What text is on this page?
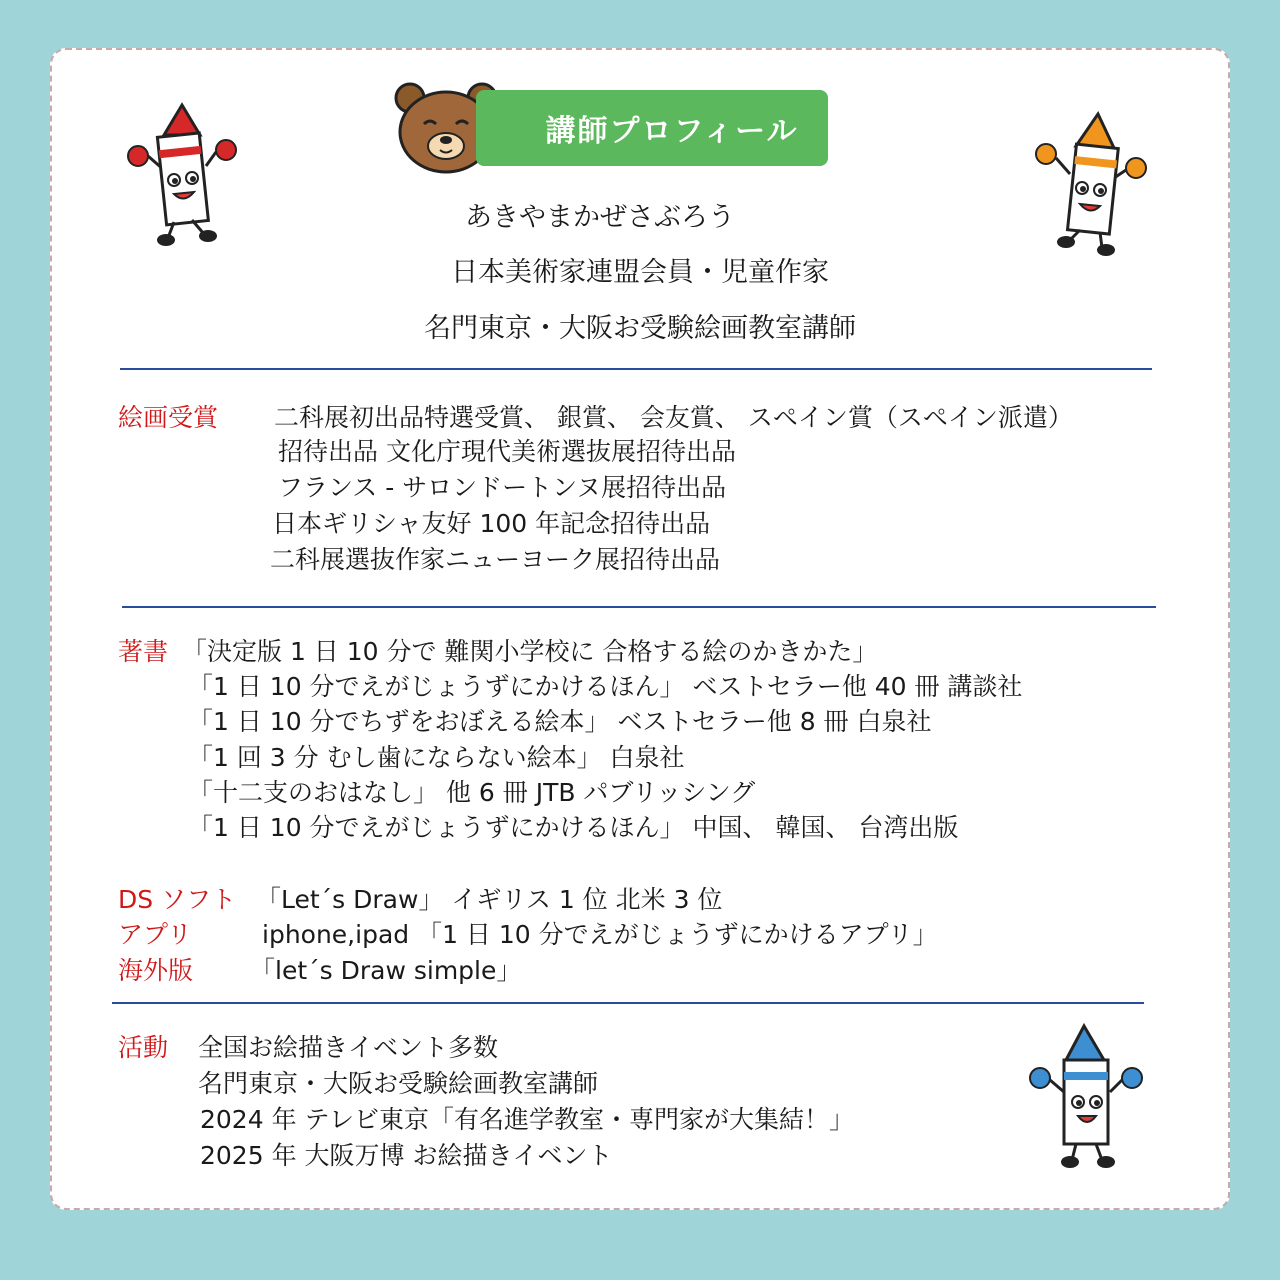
講師プロフィール
あきやまかぜさぶろう
日本美術家連盟会員・児童作家
名門東京・大阪お受験絵画教室講師
絵画受賞 二科展初出品特選受賞、 銀賞、 会友賞、 スペイン賞（スペイン派遣）
招待出品 文化庁現代美術選抜展招待出品
フランス - サロンドートンヌ展招待出品
日本ギリシャ友好 100 年記念招待出品
二科展選抜作家ニューヨーク展招待出品
著書 「決定版 1 日 10 分で 難関小学校に 合格する絵のかきかた」
「1 日 10 分でえがじょうずにかけるほん」 ベストセラー他 40 冊 講談社
「1 日 10 分でちずをおぼえる絵本」 ベストセラー他 8 冊 白泉社
「1 回 3 分 むし歯にならない絵本」 白泉社
「十二支のおはなし」 他 6 冊 JTB パブリッシング
「1 日 10 分でえがじょうずにかけるほん」 中国、 韓国、 台湾出版
DS ソフト 「Let´s Draw」 イギリス 1 位 北米 3 位
アプリ	iphone,ipad 「1 日 10 分でえがじょうずにかけるアプリ」
海外版 「let´s Draw simple」
活動 全国お絵描きイベント多数
名門東京・大阪お受験絵画教室講師
2024 年 テレビ東京「有名進学教室・専門家が大集結！」
2025 年 大阪万博 お絵描きイベント
